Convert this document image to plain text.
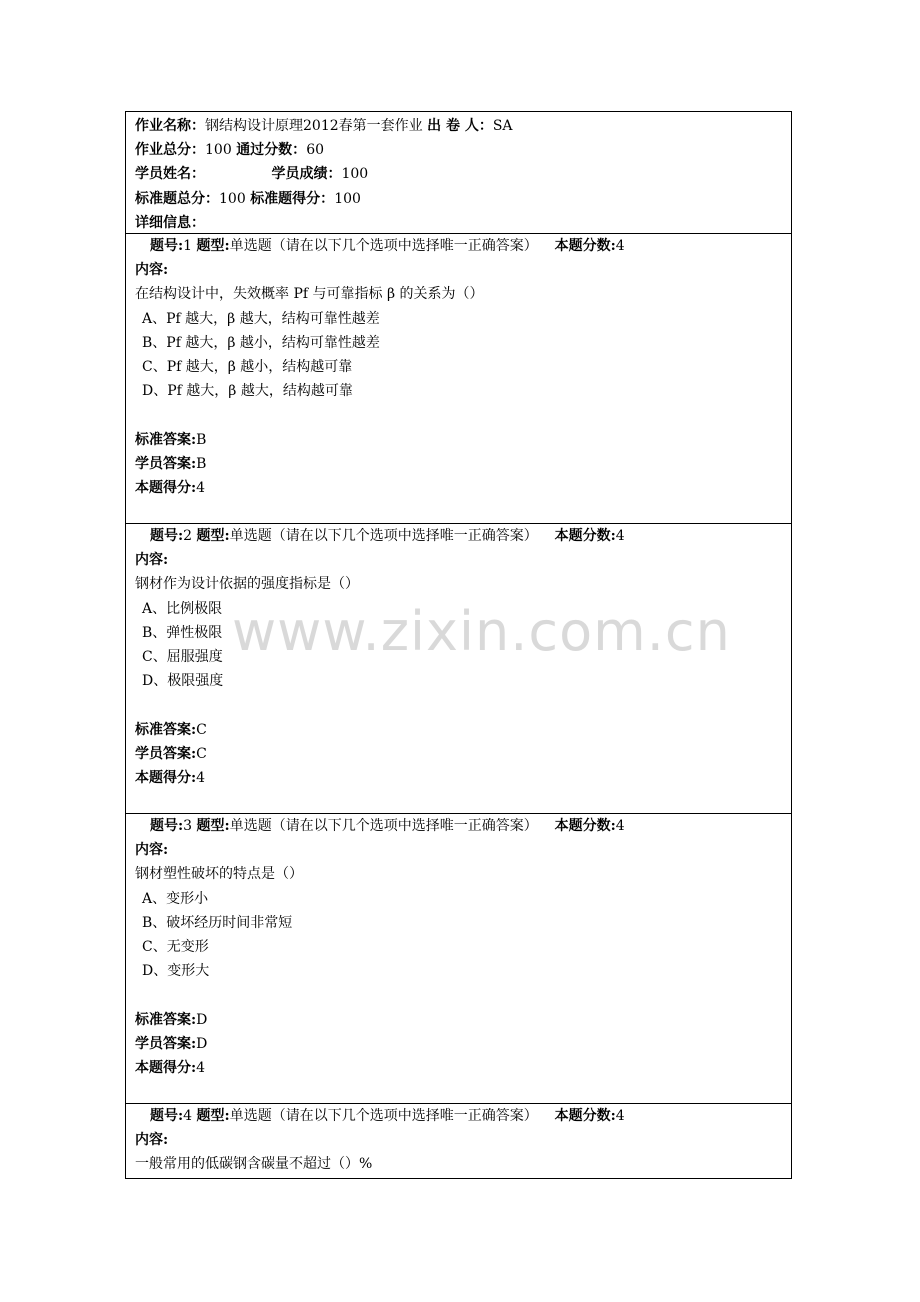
作业名称：钢结构设计原理2012春第一套作业 出 卷 人：SA
作业总分：100 通过分数：60
学员姓名：	学员成绩：100
标准题总分：100 标准题得分：100
详细信息：
题号:1 题型:单选题（请在以下几个选项中选择唯一正确答案） 本题分数:4
内容:
在结构设计中，失效概率 Pf 与可靠指标 β 的关系为（）
A、Pf 越大，β 越大，结构可靠性越差
B、Pf 越大，β 越小，结构可靠性越差
C、Pf 越大，β 越小，结构越可靠
D、Pf 越大，β 越大，结构越可靠
标准答案:B
学员答案:B
本题得分:4
题号:2 题型:单选题（请在以下几个选项中选择唯一正确答案） 本题分数:4
内容:
钢材作为设计依据的强度指标是（）
A、比例极限
B、弹性极限
C、屈服强度
D、极限强度
标准答案:C
学员答案:C
本题得分:4
题号:3 题型:单选题（请在以下几个选项中选择唯一正确答案） 本题分数:4
内容:
钢材塑性破坏的特点是（）
A、变形小
B、破坏经历时间非常短
C、无变形
D、变形大
标准答案:D
学员答案:D
本题得分:4
题号:4 题型:单选题（请在以下几个选项中选择唯一正确答案） 本题分数:4
内容:
一般常用的低碳钢含碳量不超过（）%
www.zixin.com.cn
